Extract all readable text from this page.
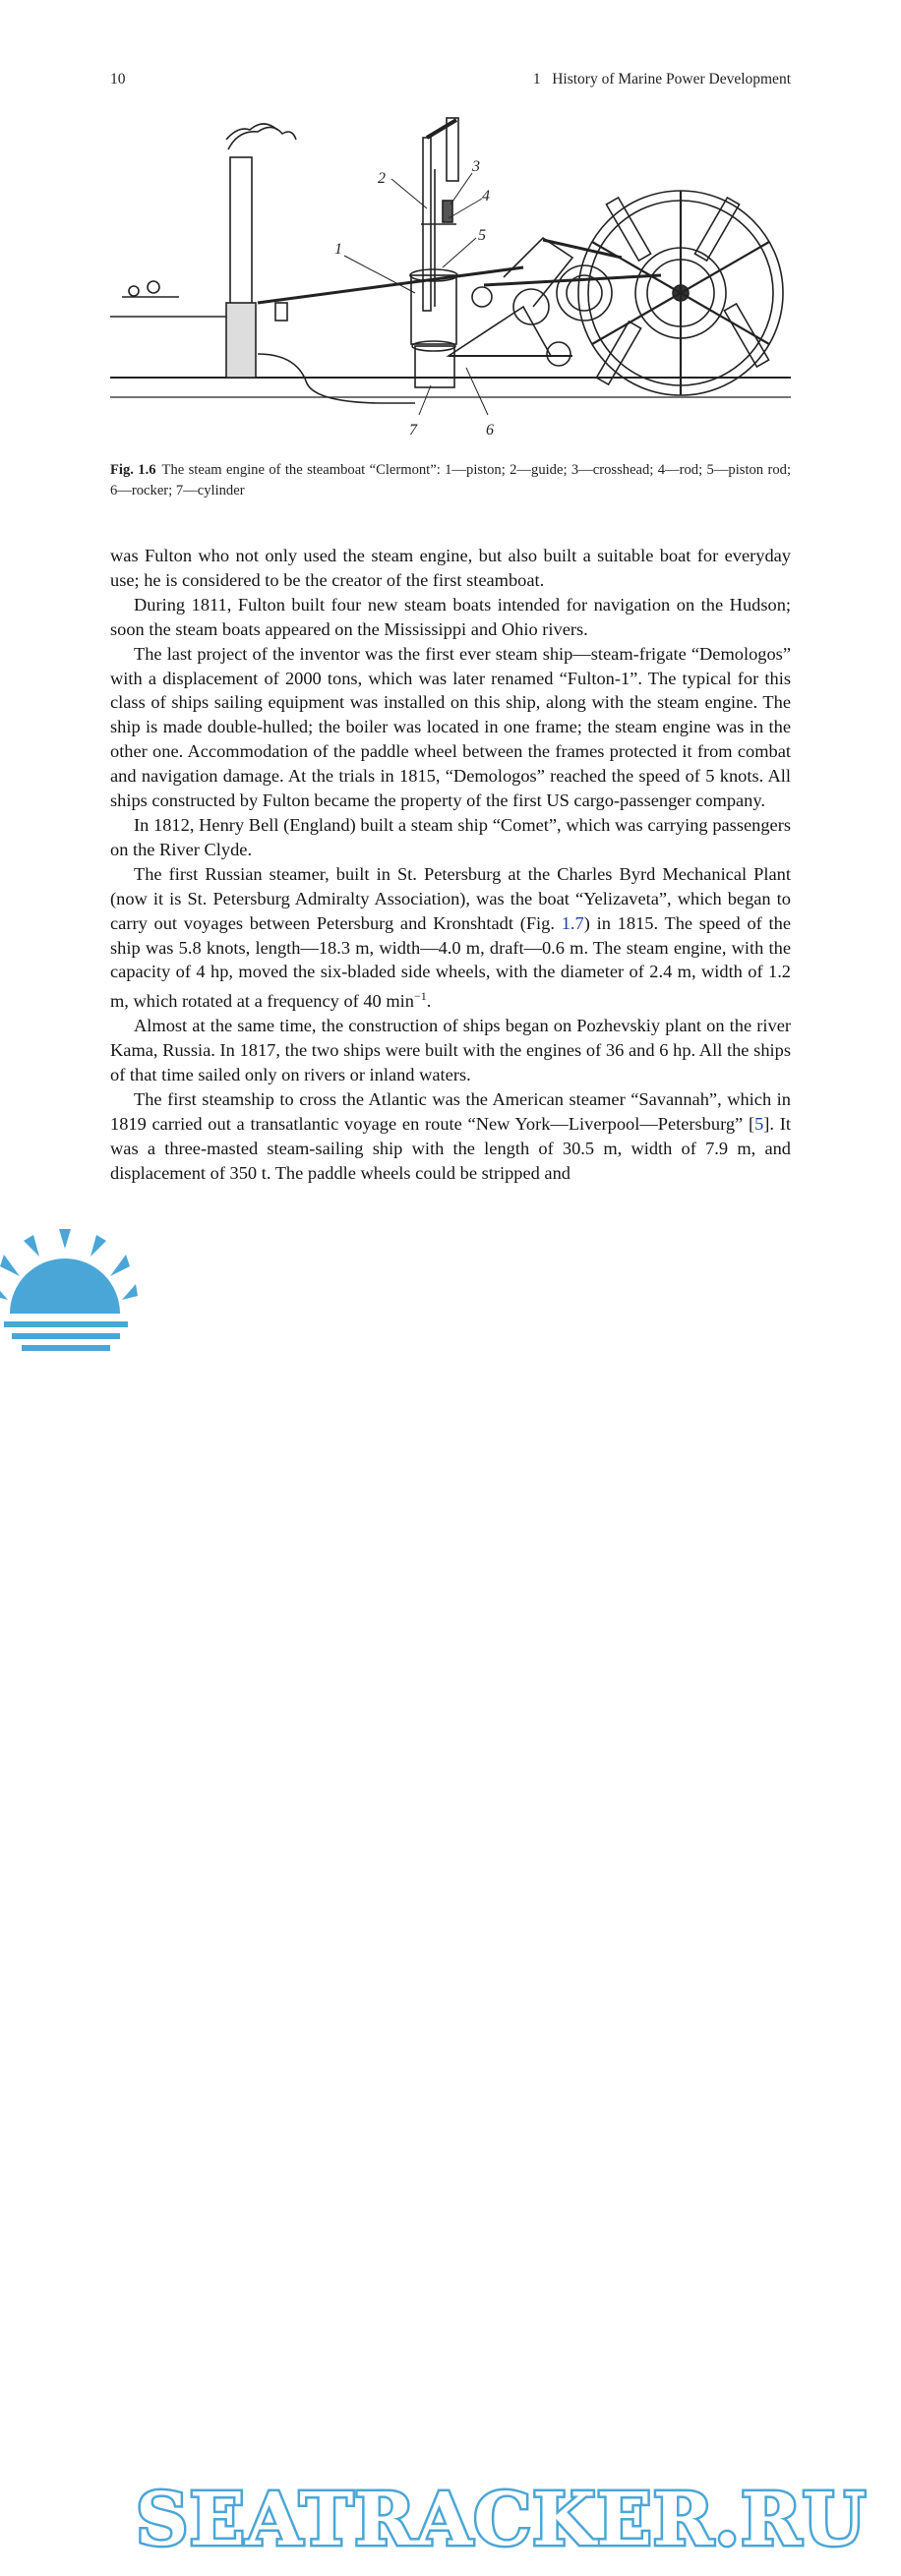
10	1   History of Marine Power Development
1
2
3
4
5
6
7
Fig. 1.6 The steam engine of the steamboat “Clermont”: 1—piston; 2—guide; 3—crosshead; 4—rod; 5—piston rod; 6—rocker; 7—cylinder

was Fulton who not only used the steam engine, but also built a suitable boat for everyday use; he is considered to be the creator of the first steamboat.

During 1811, Fulton built four new steam boats intended for navigation on the Hudson; soon the steam boats appeared on the Mississippi and Ohio rivers.

The last project of the inventor was the first ever steam ship—steam-frigate “Demologos” with a displacement of 2000 tons, which was later renamed “Fulton-1”. The typical for this class of ships sailing equipment was installed on this ship, along with the steam engine. The ship is made double-hulled; the boiler was located in one frame; the steam engine was in the other one. Accommodation of the paddle wheel between the frames protected it from combat and navigation damage. At the trials in 1815, “Demologos” reached the speed of 5 knots. All ships constructed by Fulton became the property of the first US cargo-passenger company.

In 1812, Henry Bell (England) built a steam ship “Comet”, which was carrying passengers on the River Clyde.

The first Russian steamer, built in St. Petersburg at the Charles Byrd Mechanical Plant (now it is St. Petersburg Admiralty Association), was the boat “Yelizaveta”, which began to carry out voyages between Petersburg and Kronshtadt (Fig. 1.7) in 1815. The speed of the ship was 5.8 knots, length—18.3 m, width—4.0 m, draft—0.6 m. The steam engine, with the capacity of 4 hp, moved the six-bladed side wheels, with the diameter of 2.4 m, width of 1.2 m, which rotated at a frequency of 40 $\min^{-1}$.

Almost at the same time, the construction of ships began on Pozhevskiy plant on the river Kama, Russia. In 1817, the two ships were built with the engines of 36 and 6 hp. All the ships of that time sailed only on rivers or inland waters.

The first steamship to cross the Atlantic was the American steamer “Savannah”, which in 1819 carried out a transatlantic voyage en route “New York—Liverpool—Petersburg” [5]. It was a three-masted steam-sailing ship with the length of 30.5 m, width of 7.9 m, and displacement of 350 t. The paddle wheels could be stripped and

SEATRACKER.RU
